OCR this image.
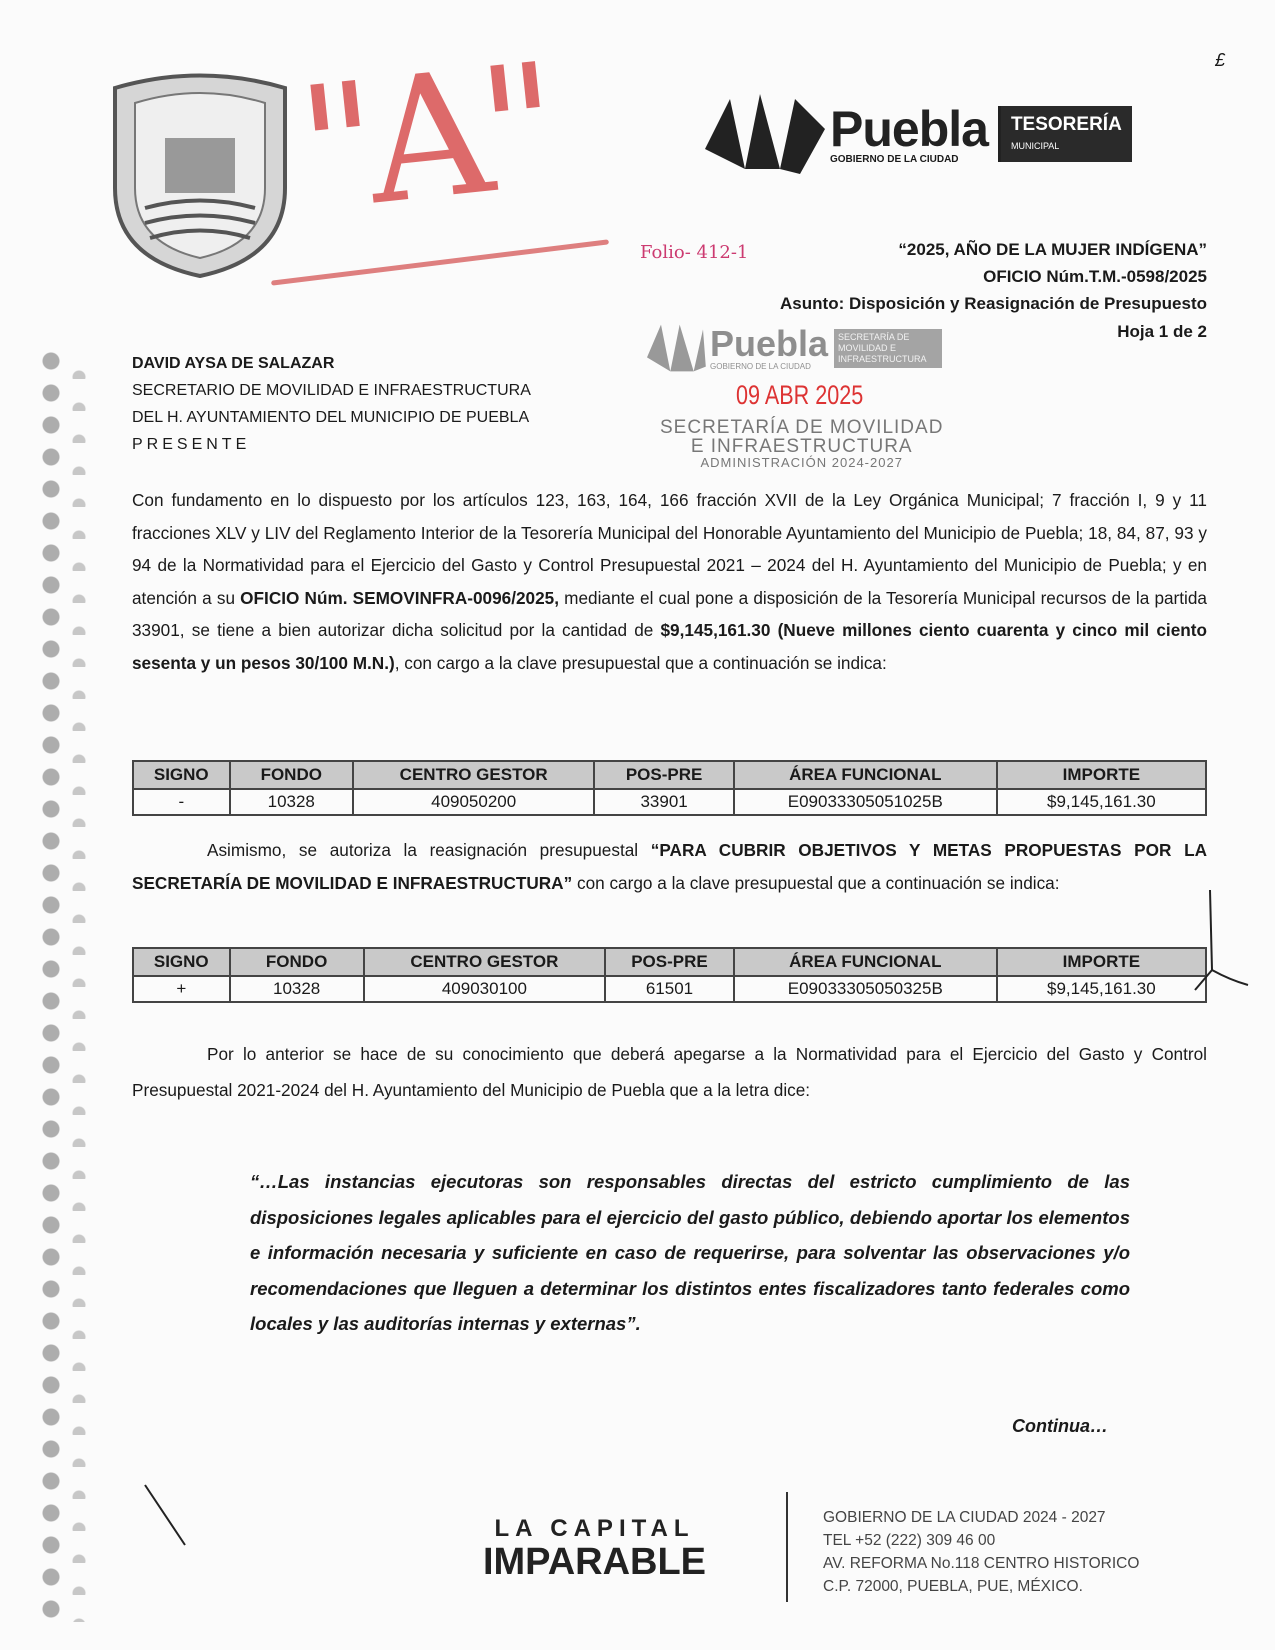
"A"	£
Puebla
GOBIERNO DE LA CIUDAD
TESORERÍA
MUNICIPAL
Puebla
GOBIERNO DE LA CIUDAD
SECRETARÍA DE MOVILIDAD E INFRAESTRUCTURA
“2025, AÑO DE LA MUJER INDÍGENA”
OFICIO Núm.T.M.-0598/2025
Asunto: Disposición y Reasignación de Presupuesto
Hoja 1 de 2
Folio- 412-1
09 ABR 2025
SECRETARÍA DE MOVILIDAD
E INFRAESTRUCTURA
ADMINISTRACIÓN 2024-2027
DAVID AYSA DE SALAZAR
SECRETARIO DE MOVILIDAD E INFRAESTRUCTURA
DEL H. AYUNTAMIENTO DEL MUNICIPIO DE PUEBLA
PRESENTE
Con fundamento en lo dispuesto por los artículos 123, 163, 164, 166 fracción XVII de la Ley Orgánica Municipal; 7 fracción I, 9 y 11 fracciones XLV y LIV del Reglamento Interior de la Tesorería Municipal del Honorable Ayuntamiento del Municipio de Puebla; 18, 84, 87, 93 y 94 de la Normatividad para el Ejercicio del Gasto y Control Presupuestal 2021 – 2024 del H. Ayuntamiento del Municipio de Puebla; y en atención a su OFICIO Núm. SEMOVINFRA-0096/2025, mediante el cual pone a disposición de la Tesorería Municipal recursos de la partida 33901, se tiene a bien autorizar dicha solicitud por la cantidad de $9,145,161.30 (Nueve millones ciento cuarenta y cinco mil ciento sesenta y un pesos 30/100 M.N.), con cargo a la clave presupuestal que a continuación se indica:
SIGNO	FONDO	CENTRO GESTOR	POS-PRE	ÁREA FUNCIONAL	IMPORTE
-	10328	409050200	33901	E09033305051025B	$9,145,161.30
Asimismo, se autoriza la reasignación presupuestal “PARA CUBRIR OBJETIVOS Y METAS PROPUESTAS POR LA SECRETARÍA DE MOVILIDAD E INFRAESTRUCTURA” con cargo a la clave presupuestal que a continuación se indica:
SIGNO	FONDO	CENTRO GESTOR	POS-PRE	ÁREA FUNCIONAL	IMPORTE
+	10328	409030100	61501	E09033305050325B	$9,145,161.30
Por lo anterior se hace de su conocimiento que deberá apegarse a la Normatividad para el Ejercicio del Gasto y Control Presupuestal 2021-2024 del H. Ayuntamiento del Municipio de Puebla que a la letra dice:
“…Las instancias ejecutoras son responsables directas del estricto cumplimiento de las disposiciones legales aplicables para el ejercicio del gasto público, debiendo aportar los elementos e información necesaria y suficiente en caso de requerirse, para solventar las observaciones y/o recomendaciones que lleguen a determinar los distintos entes fiscalizadores tanto federales como locales y las auditorías internas y externas”.
Continua…
LA CAPITAL
IMPARABLE
GOBIERNO DE LA CIUDAD 2024 - 2027
TEL +52 (222) 309 46 00
AV. REFORMA No.118 CENTRO HISTORICO
C.P. 72000, PUEBLA, PUE, MÉXICO.
